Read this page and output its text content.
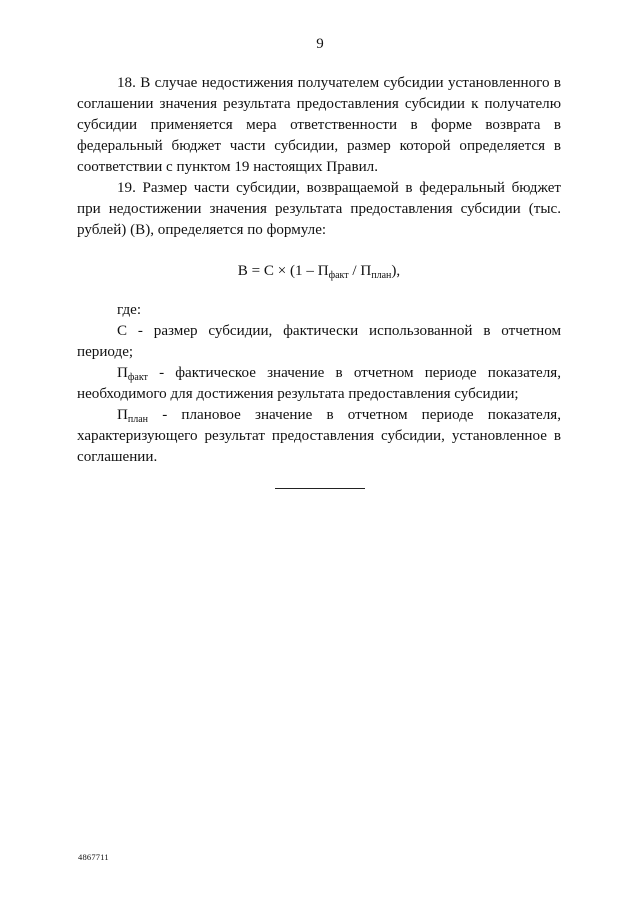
9

18. В случае недостижения получателем субсидии установленного в соглашении значения результата предоставления субсидии к получателю субсидии применяется мера ответственности в форме возврата в федеральный бюджет части субсидии, размер которой определяется в соответствии с пунктом 19 настоящих Правил.

19. Размер части субсидии, возвращаемой в федеральный бюджет при недостижении значения результата предоставления субсидии (тыс. рублей) (В), определяется по формуле:

$В = С \times (1 - П_{факт} / П_{план})$,

где:

С - размер субсидии, фактически использованной в отчетном периоде;

$П_{факт}$ - фактическое значение в отчетном периоде показателя, необходимого для достижения результата предоставления субсидии;

$П_{план}$ - плановое значение в отчетном периоде показателя, характеризующего результат предоставления субсидии, установленное в соглашении.

4867711
